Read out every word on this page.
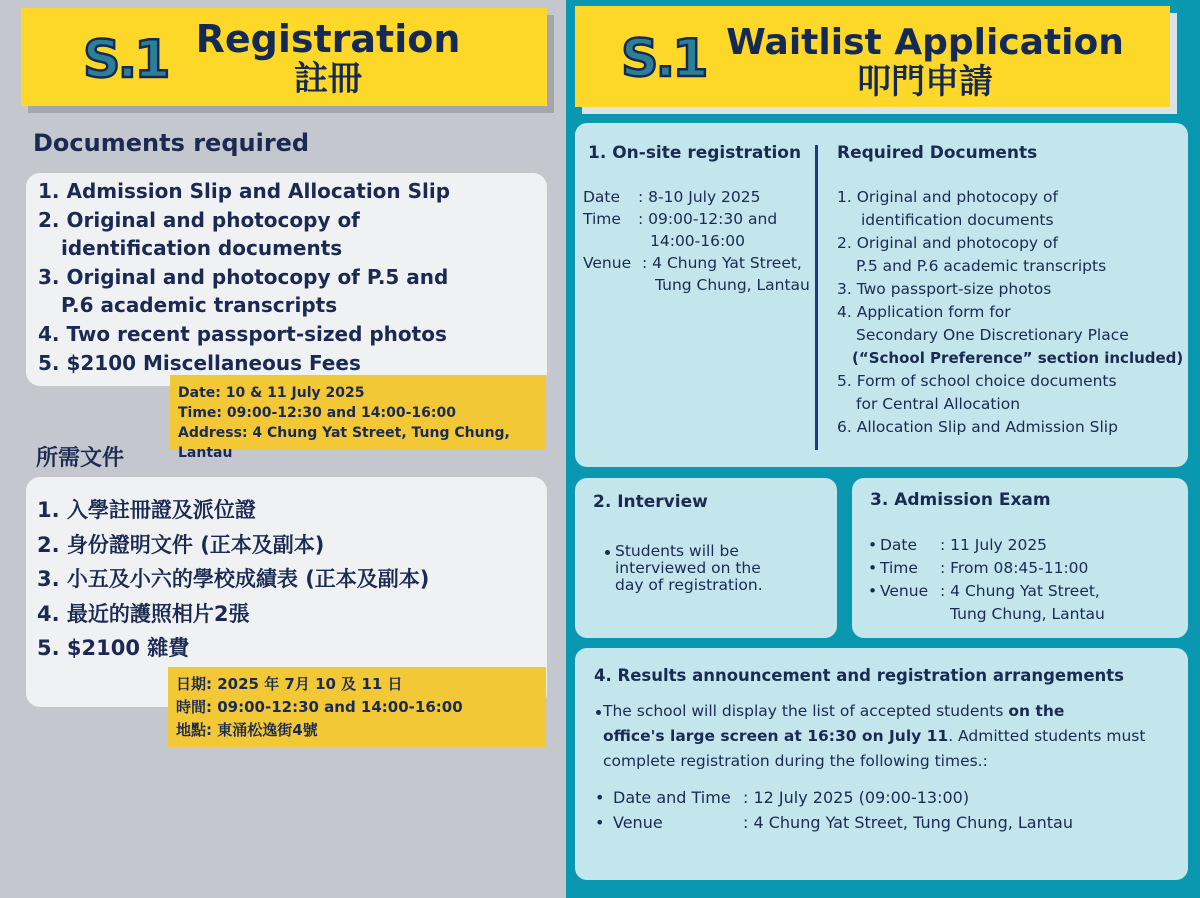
S.1 Registration
註冊
Documents required
1. Admission Slip and Allocation Slip
2. Original and photocopy of
identification documents
3. Original and photocopy of P.5 and
P.6 academic transcripts
4. Two recent passport-sized photos
5. $2100 Miscellaneous Fees
Date: 10 & 11 July 2025
Time: 09:00-12:30 and 14:00-16:00
Address: 4 Chung Yat Street, Tung Chung, Lantau
所需文件
1. 入學註冊證及派位證
2. 身份證明文件 (正本及副本)
3. 小五及小六的學校成績表 (正本及副本)
4. 最近的護照相片2張
5. $2100 雜費
日期: 2025 年 7月 10 及 11 日
時間: 09:00-12:30 and 14:00-16:00
地點: 東涌松逸街4號
S.1 Waitlist Application
叩門申請
1. On-site registration
Date	: 8-10 July 2025
Time	: 09:00-12:30 and
14:00-16:00
Venue : 4 Chung Yat Street,
Tung Chung, Lantau
Required Documents
1. Original and photocopy of
identification documents
2. Original and photocopy of
P.5 and P.6 academic transcripts
3. Two passport-size photos
4. Application form for
Secondary One Discretionary Place
(“School Preference” section included)
5. Form of school choice documents
for Central Allocation
6. Allocation Slip and Admission Slip
2. Interview
Students will be
interviewed on the
day of registration.
3. Admission Exam
• Date	: 11 July 2025
• Time	: From 08:45-11:00
• Venue : 4 Chung Yat Street,
Tung Chung, Lantau
4. Results announcement and registration arrangements
The school will display the list of accepted students on the
office's large screen at 16:30 on July 11. Admitted students must
complete registration during the following times.:
• Date and Time : 12 July 2025 (09:00-13:00)
• Venue	: 4 Chung Yat Street, Tung Chung, Lantau
